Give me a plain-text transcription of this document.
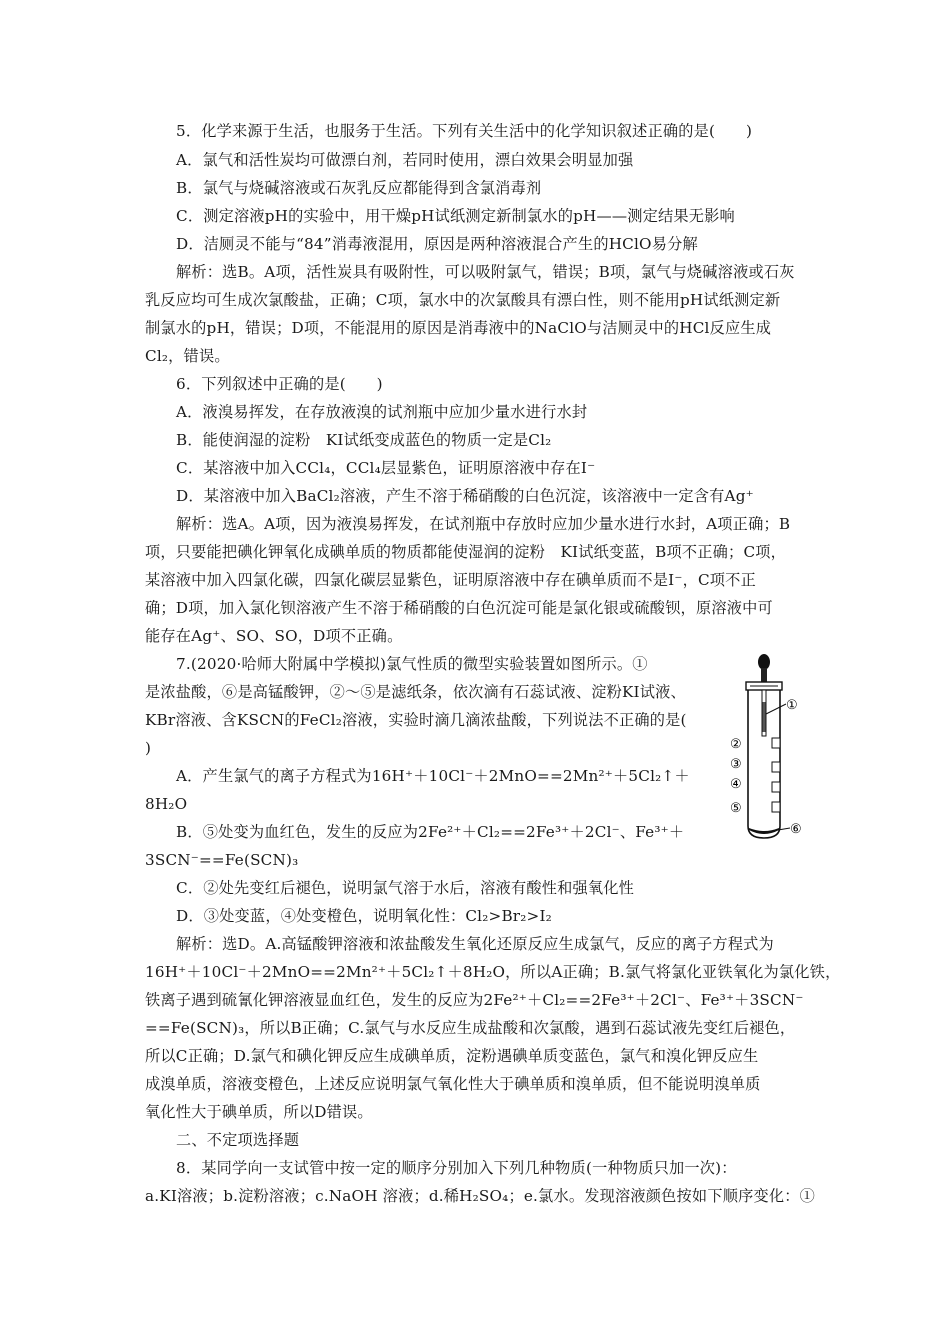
5．化学来源于生活，也服务于生活。下列有关生活中的化学知识叙述正确的是(　　)
A．氯气和活性炭均可做漂白剂，若同时使用，漂白效果会明显加强
B．氯气与烧碱溶液或石灰乳反应都能得到含氯消毒剂
C．测定溶液pH的实验中，用干燥pH试纸测定新制氯水的pH——测定结果无影响
D．洁厕灵不能与“84”消毒液混用，原因是两种溶液混合产生的HClO易分解
解析：选B。A项，活性炭具有吸附性，可以吸附氯气，错误；B项，氯气与烧碱溶液或石灰
乳反应均可生成次氯酸盐，正确；C项，氯水中的次氯酸具有漂白性，则不能用pH试纸测定新
制氯水的pH，错误；D项，不能混用的原因是消毒液中的NaClO与洁厕灵中的HCl反应生成
Cl₂，错误。
6．下列叙述中正确的是(　　)
A．液溴易挥发，在存放液溴的试剂瓶中应加少量水进行水封
B．能使润湿的淀粉　KI试纸变成蓝色的物质一定是Cl₂
C．某溶液中加入CCl₄，CCl₄层显紫色，证明原溶液中存在I⁻
D．某溶液中加入BaCl₂溶液，产生不溶于稀硝酸的白色沉淀，该溶液中一定含有Ag⁺
解析：选A。A项，因为液溴易挥发，在试剂瓶中存放时应加少量水进行水封，A项正确；B
项，只要能把碘化钾氧化成碘单质的物质都能使湿润的淀粉　KI试纸变蓝，B项不正确；C项，
某溶液中加入四氯化碳，四氯化碳层显紫色，证明原溶液中存在碘单质而不是I⁻，C项不正
确；D项，加入氯化钡溶液产生不溶于稀硝酸的白色沉淀可能是氯化银或硫酸钡，原溶液中可
能存在Ag⁺、SO、SO，D项不正确。
7.(2020·哈师大附属中学模拟)氯气性质的微型实验装置如图所示。①
是浓盐酸，⑥是高锰酸钾，②～⑤是滤纸条，依次滴有石蕊试液、淀粉KI试液、
KBr溶液、含KSCN的FeCl₂溶液，实验时滴几滴浓盐酸，下列说法不正确的是(
)
A．产生氯气的离子方程式为16H⁺＋10Cl⁻＋2MnO==2Mn²⁺＋5Cl₂↑＋
8H₂O
B．⑤处变为血红色，发生的反应为2Fe²⁺＋Cl₂==2Fe³⁺＋2Cl⁻、Fe³⁺＋
3SCN⁻==Fe(SCN)₃
C．②处先变红后褪色，说明氯气溶于水后，溶液有酸性和强氧化性
D．③处变蓝，④处变橙色，说明氧化性：Cl₂>Br₂>I₂
解析：选D。A.高锰酸钾溶液和浓盐酸发生氧化还原反应生成氯气，反应的离子方程式为
16H⁺＋10Cl⁻＋2MnO==2Mn²⁺＋5Cl₂↑＋8H₂O，所以A正确；B.氯气将氯化亚铁氧化为氯化铁，
铁离子遇到硫氰化钾溶液显血红色，发生的反应为2Fe²⁺＋Cl₂==2Fe³⁺＋2Cl⁻、Fe³⁺＋3SCN⁻
==Fe(SCN)₃，所以B正确；C.氯气与水反应生成盐酸和次氯酸，遇到石蕊试液先变红后褪色，
所以C正确；D.氯气和碘化钾反应生成碘单质，淀粉遇碘单质变蓝色，氯气和溴化钾反应生
成溴单质，溶液变橙色，上述反应说明氯气氧化性大于碘单质和溴单质，但不能说明溴单质
氧化性大于碘单质，所以D错误。
二、不定项选择题
8．某同学向一支试管中按一定的顺序分别加入下列几种物质(一种物质只加一次)：
a.KI溶液；b.淀粉溶液；c.NaOH 溶液；d.稀H₂SO₄；e.氯水。发现溶液颜色按如下顺序变化：①
①
②
③
④
⑤
⑥
